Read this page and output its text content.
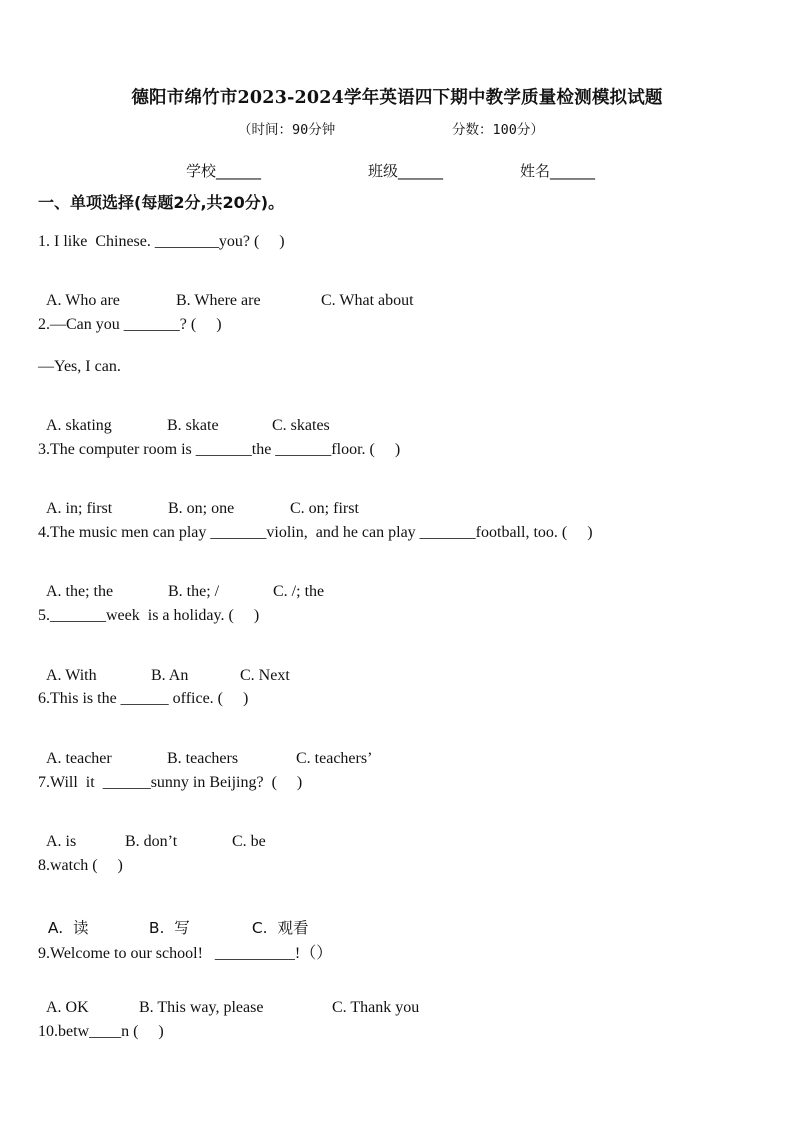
德阳市绵竹市2023-2024学年英语四下期中教学质量检测模拟试题
（时间：90分钟	分数：100分）
学校______	班级______	姓名______
一、单项选择(每题2分,共20分)。
1. I like  Chinese. ________you? (     )

A. Who are	B. Where are	C. What about

2.—Can you _______? (     )
—Yes, I can.

A. skating	B. skate	C. skates

3.The computer room is _______the _______floor. (     )

A. in; first	B. on; one	C. on; first

4.The music men can play _______violin,  and he can play _______football, too. (     )

A. the; the	B. the; /	C. /; the

5._______week  is a holiday. (     )

A. With	B. An	C. Next

6.This is the ______ office. (     )

A. teacher	B. teachers	C. teachers’

7.Will  it  ______sunny in Beijing?  (     )

A. is	B. don’t	C. be

8.watch (     )

A.  读	B.  写	C.  观看

9.Welcome to our school!   __________!（）

A. OK	B. This way, please	C. Thank you

10.betw____n (     )
